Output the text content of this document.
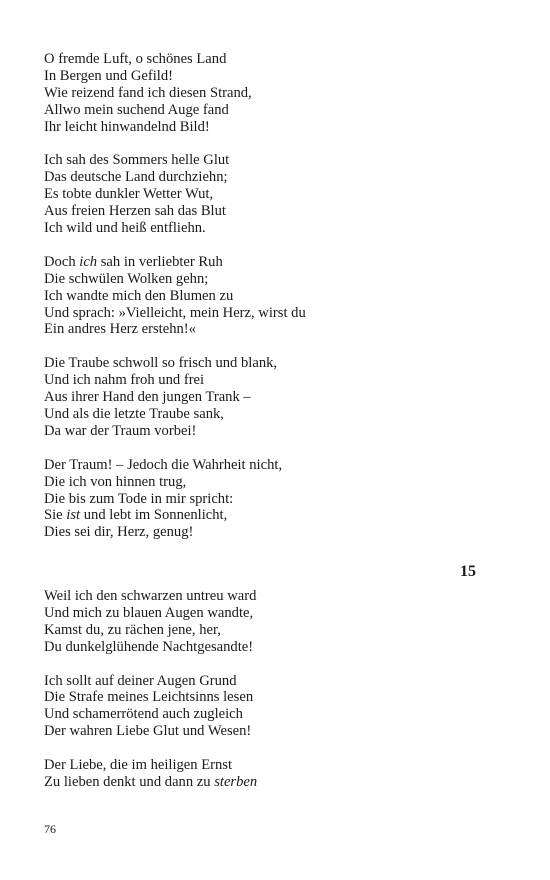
O fremde Luft, o schönes Land
In Bergen und Gefild!
Wie reizend fand ich diesen Strand,
Allwo mein suchend Auge fand
Ihr leicht hinwandelnd Bild!
Ich sah des Sommers helle Glut
Das deutsche Land durchziehn;
Es tobte dunkler Wetter Wut,
Aus freien Herzen sah das Blut
Ich wild und heiß entfliehn.
Doch ich sah in verliebter Ruh
Die schwülen Wolken gehn;
Ich wandte mich den Blumen zu
Und sprach: »Vielleicht, mein Herz, wirst du
Ein andres Herz erstehn!«
Die Traube schwoll so frisch und blank,
Und ich nahm froh und frei
Aus ihrer Hand den jungen Trank –
Und als die letzte Traube sank,
Da war der Traum vorbei!
Der Traum! – Jedoch die Wahrheit nicht,
Die ich von hinnen trug,
Die bis zum Tode in mir spricht:
Sie ist und lebt im Sonnenlicht,
Dies sei dir, Herz, genug!
15
Weil ich den schwarzen untreu ward
Und mich zu blauen Augen wandte,
Kamst du, zu rächen jene, her,
Du dunkelglühende Nachtgesandte!
Ich sollt auf deiner Augen Grund
Die Strafe meines Leichtsinns lesen
Und schamerrötend auch zugleich
Der wahren Liebe Glut und Wesen!
Der Liebe, die im heiligen Ernst
Zu lieben denkt und dann zu sterben
76
